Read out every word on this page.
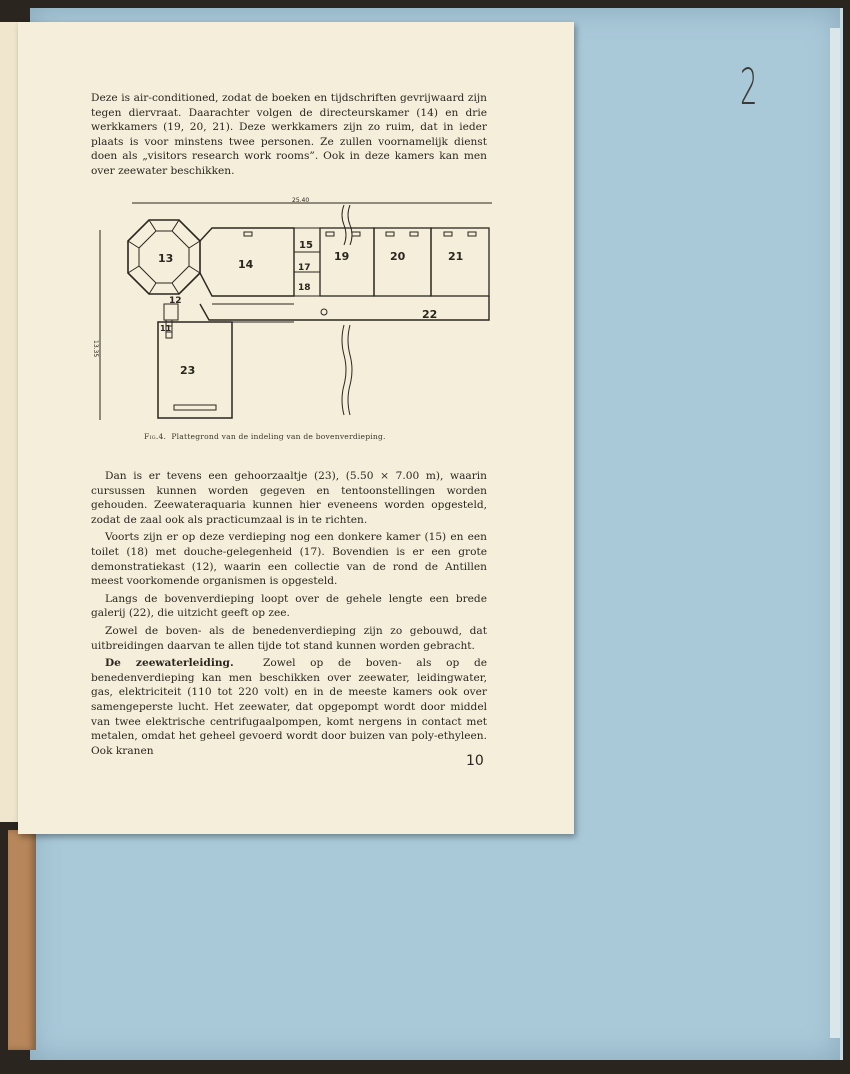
2
Deze is air-conditioned, zodat de boeken en tijdschriften gevrijwaard zijn tegen diervraat. Daarachter volgen de directeurskamer (14) en drie werkkamers (19, 20, 21). Deze werkkamers zijn zo ruim, dat in ieder plaats is voor minstens twee personen. Ze zullen voornamelijk dienst doen als „visitors research work rooms”. Ook in deze kamers kan men over zeewater beschikken.
25.40
13.35
13	14
15
19	20	21
17
18
12
22
11
23
Fig.4. Plattegrond van de indeling van de bovenverdieping.

Dan is er tevens een gehoorzaaltje (23), (5.50 × 7.00 m), waarin cursussen kunnen worden gegeven en tentoonstellingen worden gehouden. Zeewateraquaria kunnen hier eveneens worden opgesteld, zodat de zaal ook als practicumzaal is in te richten.

Voorts zijn er op deze verdieping nog een donkere kamer (15) en een toilet (18) met douche-gelegenheid (17). Bovendien is er een grote demonstratiekast (12), waarin een collectie van de rond de Antillen meest voorkomende organismen is opgesteld.

Langs de bovenverdieping loopt over de gehele lengte een brede galerij (22), die uitzicht geeft op zee.

Zowel de boven- als de benedenverdieping zijn zo gebouwd, dat uitbreidingen daarvan te allen tijde tot stand kunnen worden gebracht.

De zeewaterleiding.	Zowel op de boven- als op de benedenverdieping kan men beschikken over zeewater, leidingwater, gas, elektriciteit (110 tot 220 volt) en in de meeste kamers ook over samengeperste lucht. Het zeewater, dat opgepompt wordt door middel van twee elektrische centrifugaalpompen, komt nergens in contact met metalen, omdat het geheel gevoerd wordt door buizen van poly-ethyleen. Ook kranen

10
